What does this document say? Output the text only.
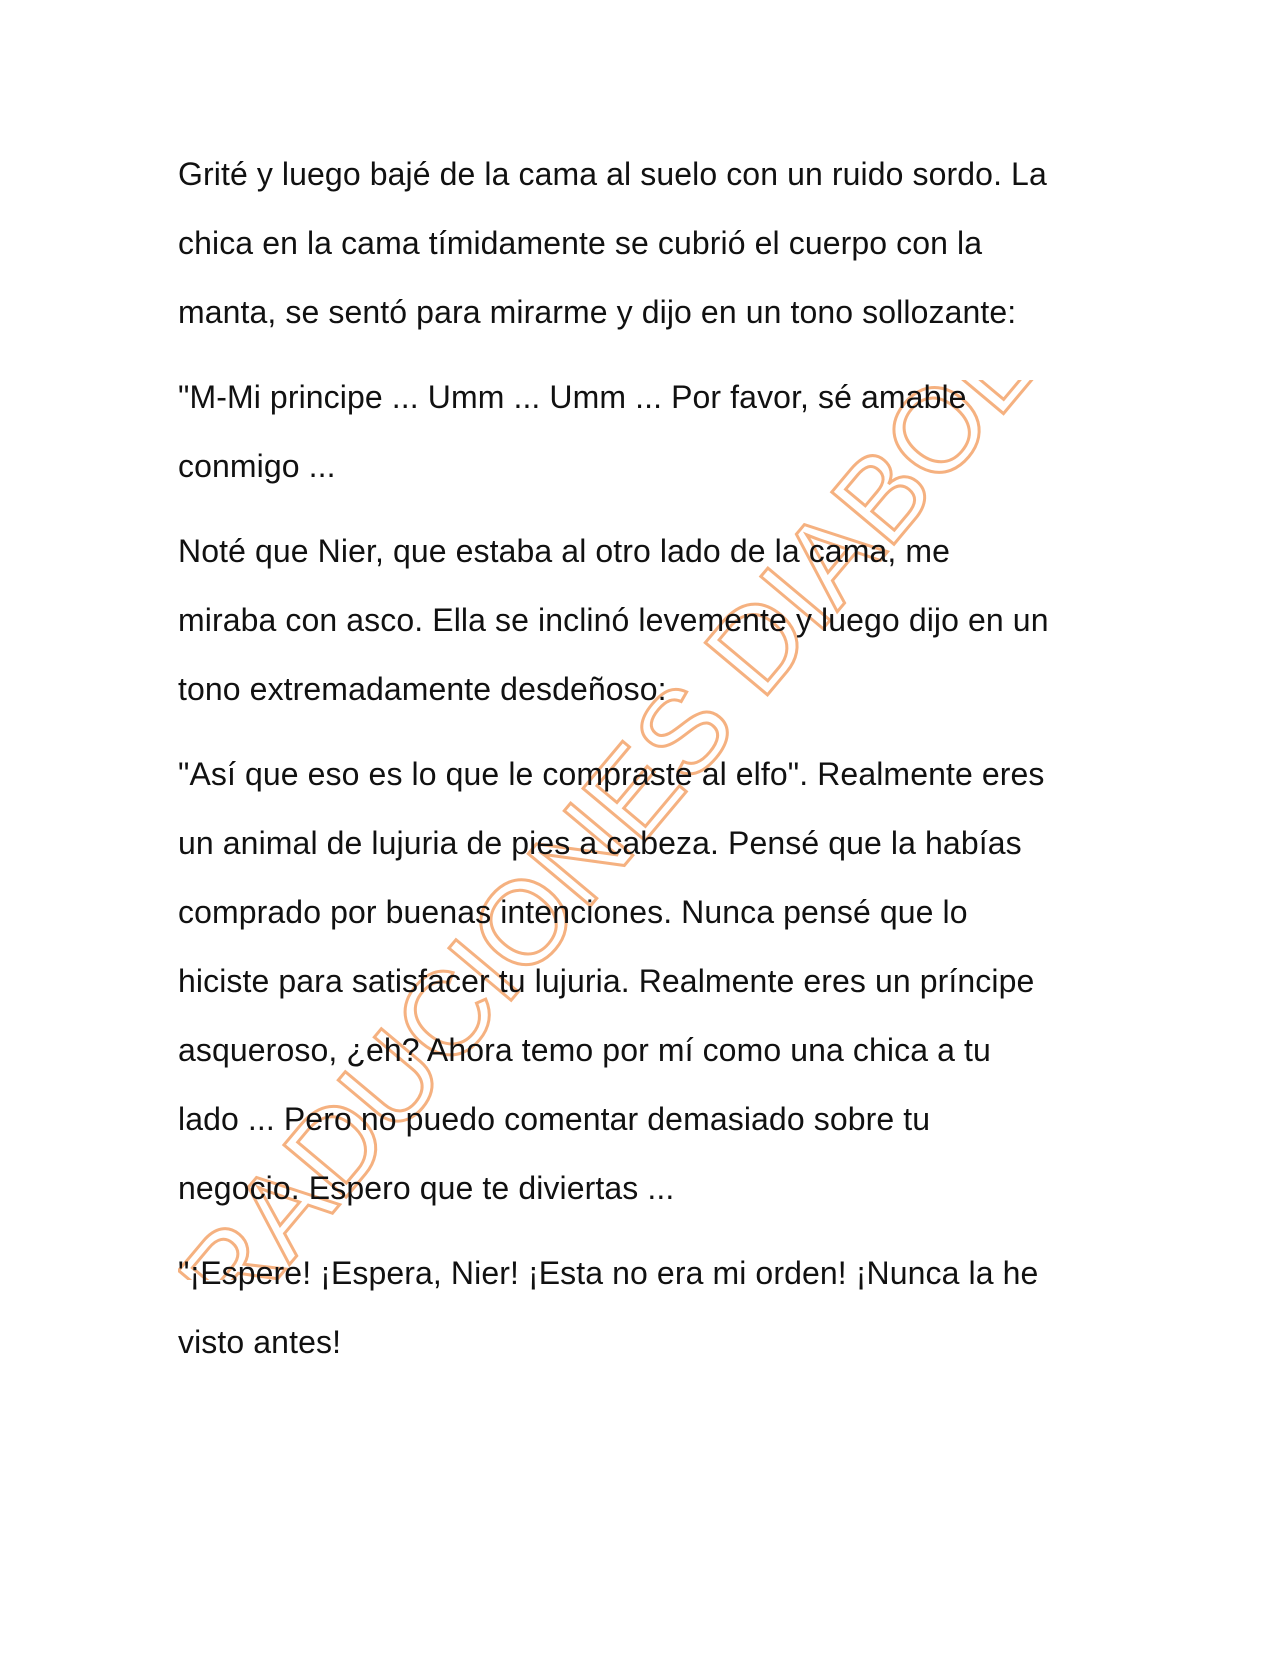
TRADUCIONES DIABOLO

Grité y luego bajé de la cama al suelo con un ruido sordo. La
chica en la cama tímidamente se cubrió el cuerpo con la
manta, se sentó para mirarme y dijo en un tono sollozante:

"M-Mi principe ... Umm ... Umm ... Por favor, sé amable
conmigo ...

Noté que Nier, que estaba al otro lado de la cama, me
miraba con asco. Ella se inclinó levemente y luego dijo en un
tono extremadamente desdeñoso:

"Así que eso es lo que le compraste al elfo". Realmente eres
un animal de lujuria de pies a cabeza. Pensé que la habías
comprado por buenas intenciones. Nunca pensé que lo
hiciste para satisfacer tu lujuria. Realmente eres un príncipe
asqueroso, ¿eh? Ahora temo por mí como una chica a tu
lado ... Pero no puedo comentar demasiado sobre tu
negocio. Espero que te diviertas ...

"¡Espere! ¡Espera, Nier! ¡Esta no era mi orden! ¡Nunca la he
visto antes!
